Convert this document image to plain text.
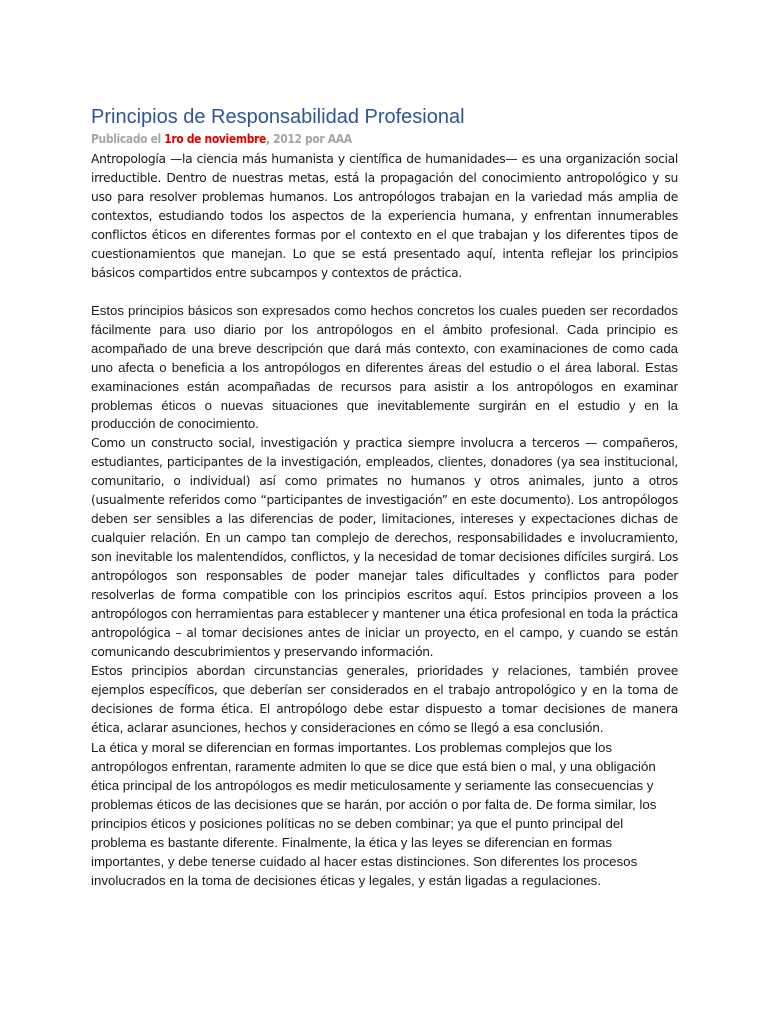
Principios de Responsabilidad Profesional
Publicado el 1ro de noviembre, 2012 por AAA

Antropología —la ciencia más humanista y científica de humanidades— es una organización social irreductible. Dentro de nuestras metas, está la propagación del conocimiento antropológico y su uso para resolver problemas humanos. Los antropólogos trabajan en la variedad más amplia de contextos, estudiando todos los aspectos de la experiencia humana, y enfrentan innumerables conflictos éticos en diferentes formas por el contexto en el que trabajan y los diferentes tipos de cuestionamientos que manejan. Lo que se está presentado aquí, intenta reflejar los principios básicos compartidos entre subcampos y contextos de práctica.

Estos principios básicos son expresados como hechos concretos los cuales pueden ser recordados fácilmente para uso diario por los antropólogos en el ámbito profesional. Cada principio es acompañado de una breve descripción que dará más contexto, con examinaciones de como cada uno afecta o beneficia a los antropólogos en diferentes áreas del estudio o el área laboral. Estas examinaciones están acompañadas de recursos para asistir a los antropólogos en examinar problemas éticos o nuevas situaciones que inevitablemente surgirán en el estudio y en la producción de conocimiento.

Como un constructo social, investigación y practica siempre involucra a terceros — compañeros, estudiantes, participantes de la investigación, empleados, clientes, donadores (ya sea institucional, comunitario, o individual) así como primates no humanos y otros animales, junto a otros (usualmente referidos como “participantes de investigación” en este documento). Los antropólogos deben ser sensibles a las diferencias de poder, limitaciones, intereses y expectaciones dichas de cualquier relación. En un campo tan complejo de derechos, responsabilidades e involucramiento, son inevitable los malentendidos, conflictos, y la necesidad de tomar decisiones difíciles surgirá. Los antropólogos son responsables de poder manejar tales dificultades y conflictos para poder resolverlas de forma compatible con los principios escritos aquí. Estos principios proveen a los antropólogos con herramientas para establecer y mantener una ética profesional en toda la práctica antropológica – al tomar decisiones antes de iniciar un proyecto, en el campo, y cuando se están comunicando descubrimientos y preservando información.

Estos principios abordan circunstancias generales, prioridades y relaciones, también provee ejemplos específicos, que deberían ser considerados en el trabajo antropológico y en la toma de decisiones de forma ética. El antropólogo debe estar dispuesto a tomar decisiones de manera ética, aclarar asunciones, hechos y consideraciones en cómo se llegó a esa conclusión.

La ética y moral se diferencian en formas importantes. Los problemas complejos que los antropólogos enfrentan, raramente admiten lo que se dice que está bien o mal, y una obligación ética principal de los antropólogos es medir meticulosamente y seriamente las consecuencias y problemas éticos de las decisiones que se harán, por acción o por falta de. De forma similar, los principios éticos y posiciones políticas no se deben combinar; ya que el punto principal del problema es bastante diferente. Finalmente, la ética y las leyes se diferencian en formas importantes, y debe tenerse cuidado al hacer estas distinciones. Son diferentes los procesos involucrados en la toma de decisiones éticas y legales, y están ligadas a regulaciones.
